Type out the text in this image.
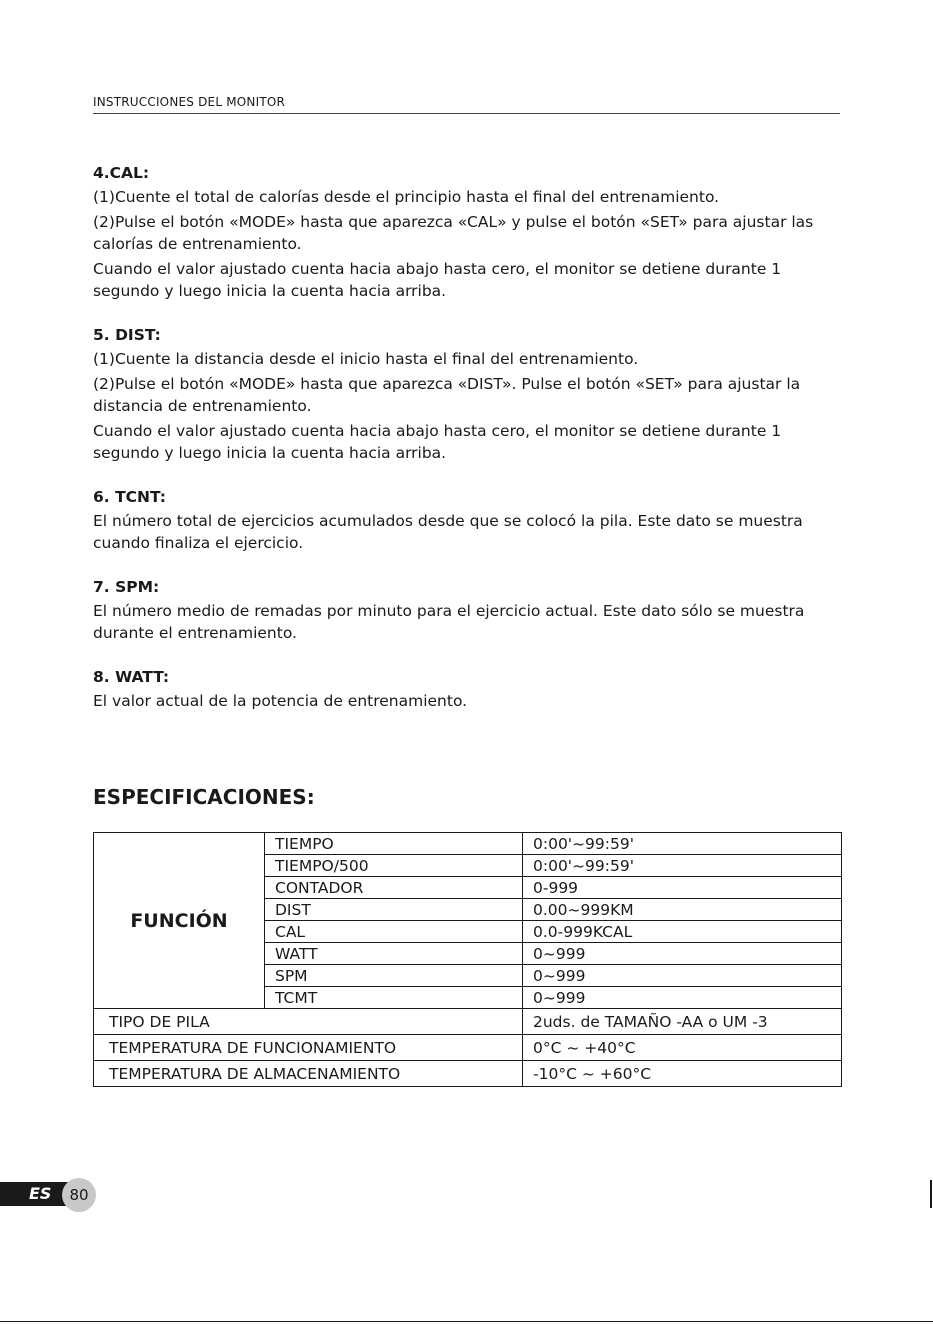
INSTRUCCIONES DEL MONITOR
4.CAL:

(1)Cuente el total de calorías desde el principio hasta el final del entrenamiento.

(2)Pulse el botón «MODE» hasta que aparezca «CAL» y pulse el botón «SET» para ajustar las calorías de entrenamiento.

Cuando el valor ajustado cuenta hacia abajo hasta cero, el monitor se detiene durante 1 segundo y luego inicia la cuenta hacia arriba.

5. DIST:

(1)Cuente la distancia desde el inicio hasta el final del entrenamiento.

(2)Pulse el botón «MODE» hasta que aparezca «DIST». Pulse el botón «SET» para ajustar la distancia de entrenamiento.

Cuando el valor ajustado cuenta hacia abajo hasta cero, el monitor se detiene durante 1 segundo y luego inicia la cuenta hacia arriba.

6. TCNT:

El número total de ejercicios acumulados desde que se colocó la pila. Este dato se muestra cuando finaliza el ejercicio.

7. SPM:

El número medio de remadas por minuto para el ejercicio actual. Este dato sólo se muestra durante el entrenamiento.

8. WATT:

El valor actual de la potencia de entrenamiento.

ESPECIFICACIONES:
FUNCIÓN	TIEMPO	0:00'~99:59'
	TIEMPO/500	0:00'~99:59'
	CONTADOR	0-999
	DIST	0.00~999KM
	CAL	0.0-999KCAL
	WATT	0~999
	SPM	0~999
	TCMT	0~999
TIPO DE PILA		2uds. de TAMAÑO -AA o UM -3
TEMPERATURA DE FUNCIONAMIENTO		0°C ~ +40°C
TEMPERATURA DE ALMACENAMIENTO		-10°C ~ +60°C
ES	80
